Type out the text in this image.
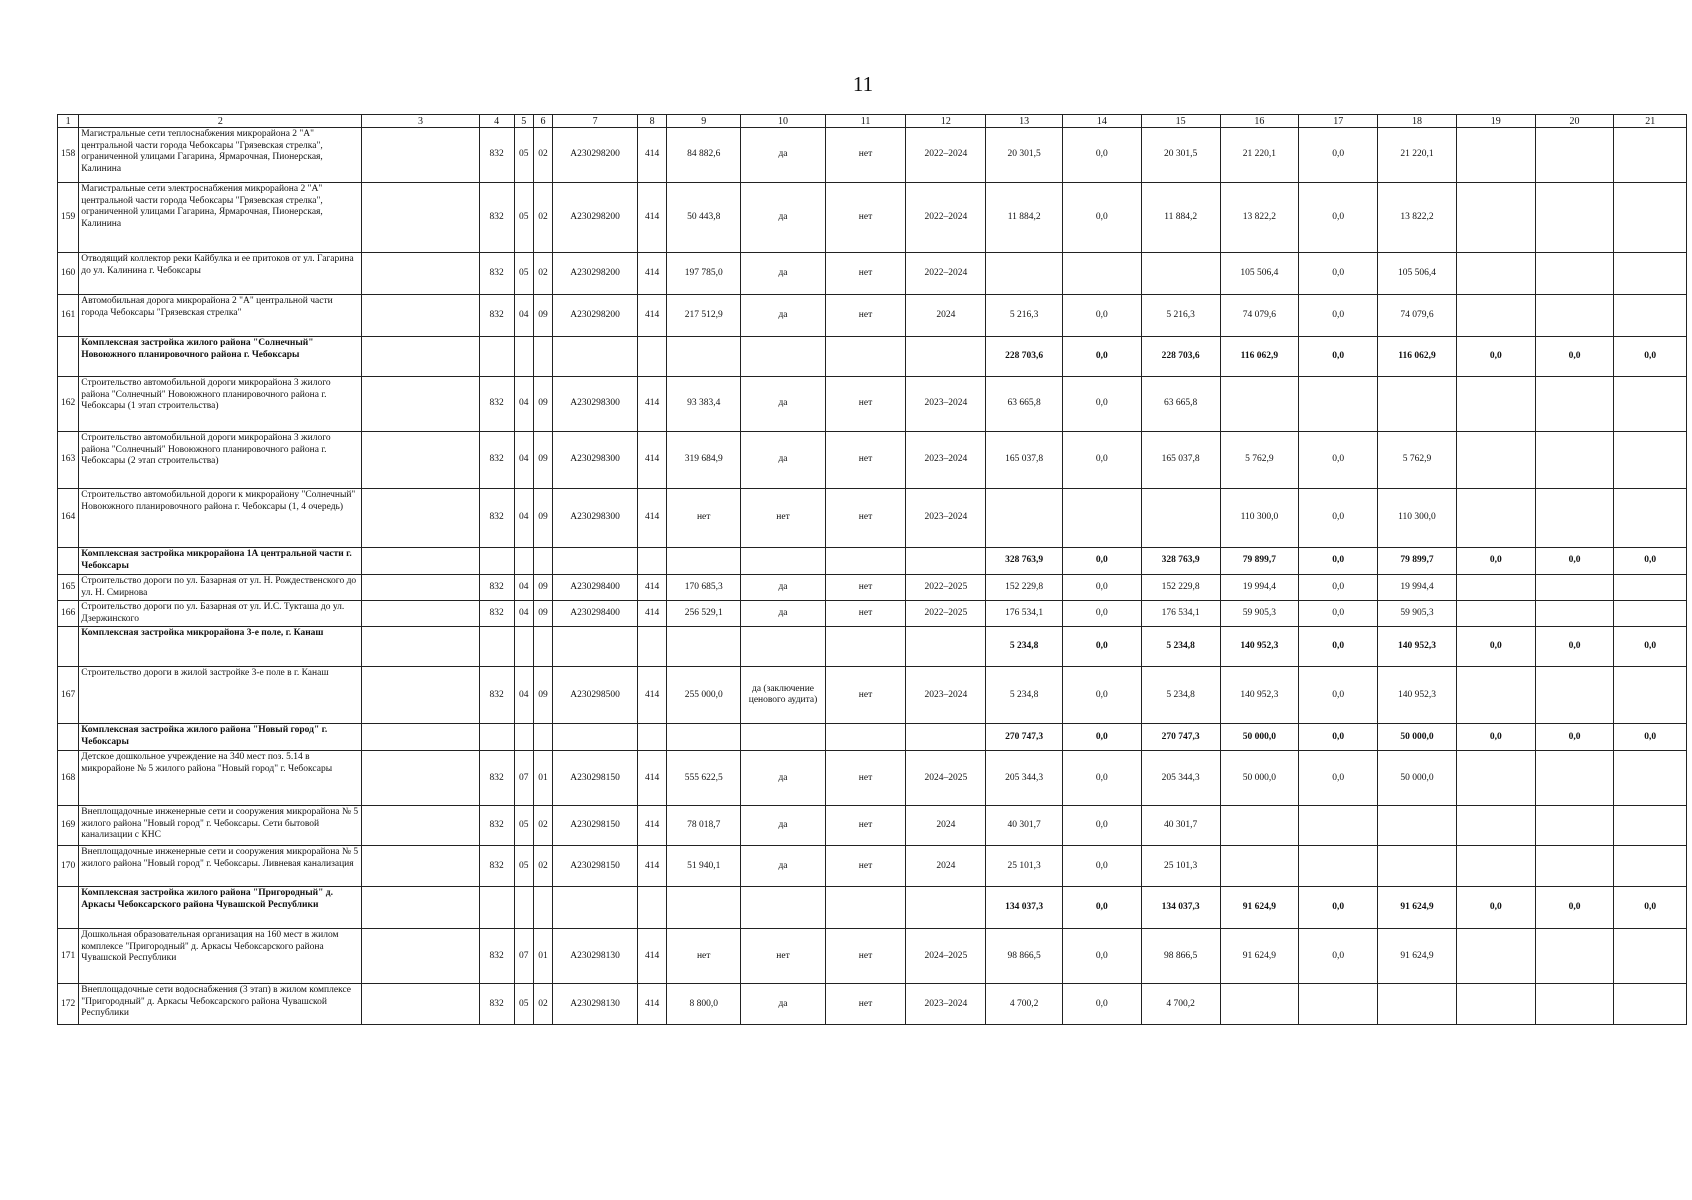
11
1	2	3	4	5	6	7	8	9	10	11	12	13	14	15	16	17	18	19	20	21
158	Магистральные сети теплоснабжения микрорайона 2 "А" центральной части города Чебоксары "Грязевская стрелка", ограниченной улицами Гагарина, Ярмарочная, Пионерская, Калинина		832	05	02	А230298200	414	84 882,6	да	нет	2022–2024	20 301,5	0,0	20 301,5	21 220,1	0,0	21 220,1			
159	Магистральные сети электроснабжения микрорайона 2 "А" центральной части города Чебоксары "Грязевская стрелка", ограниченной улицами Гагарина, Ярмарочная, Пионерская, Калинина		832	05	02	А230298200	414	50 443,8	да	нет	2022–2024	11 884,2	0,0	11 884,2	13 822,2	0,0	13 822,2			
160	Отводящий коллектор реки Кайбулка и ее притоков от ул. Гагарина до ул. Калинина г. Чебоксары		832	05	02	А230298200	414	197 785,0	да	нет	2022–2024				105 506,4	0,0	105 506,4			
161	Автомобильная дорога микрорайона 2 "А" центральной части города Чебоксары "Грязевская стрелка"		832	04	09	А230298200	414	217 512,9	да	нет	2024	5 216,3	0,0	5 216,3	74 079,6	0,0	74 079,6			
	Комплексная застройка жилого района "Солнечный" Новоюжного планировочного района г. Чебоксары											228 703,6	0,0	228 703,6	116 062,9	0,0	116 062,9	0,0	0,0	0,0
162	Строительство автомобильной дороги микрорайона 3 жилого района "Солнечный" Новоюжного планировочного района г. Чебоксары (1 этап строительства)		832	04	09	А230298300	414	93 383,4	да	нет	2023–2024	63 665,8	0,0	63 665,8						
163	Строительство автомобильной дороги микрорайона 3 жилого района "Солнечный" Новоюжного планировочного района г. Чебоксары (2 этап строительства)		832	04	09	А230298300	414	319 684,9	да	нет	2023–2024	165 037,8	0,0	165 037,8	5 762,9	0,0	5 762,9			
164	Строительство автомобильной дороги к микрорайону "Солнечный" Новоюжного планировочного района г. Чебоксары (1, 4 очередь)		832	04	09	А230298300	414	нет	нет	нет	2023–2024				110 300,0	0,0	110 300,0			
	Комплексная застройка микрорайона 1А центральной части г. Чебоксары											328 763,9	0,0	328 763,9	79 899,7	0,0	79 899,7	0,0	0,0	0,0
165	Строительство дороги по ул. Базарная от ул. Н. Рождественского до ул. Н. Смирнова		832	04	09	А230298400	414	170 685,3	да	нет	2022–2025	152 229,8	0,0	152 229,8	19 994,4	0,0	19 994,4			
166	Строительство дороги по ул. Базарная от ул. И.С. Тукташа до ул. Дзержинского		832	04	09	А230298400	414	256 529,1	да	нет	2022–2025	176 534,1	0,0	176 534,1	59 905,3	0,0	59 905,3			
	Комплексная застройка микрорайона 3-е поле, г. Канаш											5 234,8	0,0	5 234,8	140 952,3	0,0	140 952,3	0,0	0,0	0,0
167	Строительство дороги в жилой застройке 3-е поле в г. Канаш		832	04	09	А230298500	414	255 000,0	да (заключение ценового аудита)	нет	2023–2024	5 234,8	0,0	5 234,8	140 952,3	0,0	140 952,3			
	Комплексная застройка жилого района "Новый город" г. Чебоксары											270 747,3	0,0	270 747,3	50 000,0	0,0	50 000,0	0,0	0,0	0,0
168	Детское дошкольное учреждение на 340 мест поз. 5.14 в микрорайоне № 5 жилого района "Новый город" г. Чебоксары		832	07	01	А230298150	414	555 622,5	да	нет	2024–2025	205 344,3	0,0	205 344,3	50 000,0	0,0	50 000,0			
169	Внеплощадочные инженерные сети и сооружения микрорайона № 5 жилого района "Новый город" г. Чебоксары. Сети бытовой канализации с КНС		832	05	02	А230298150	414	78 018,7	да	нет	2024	40 301,7	0,0	40 301,7						
170	Внеплощадочные инженерные сети и сооружения микрорайона № 5 жилого района "Новый город" г. Чебоксары. Ливневая канализация		832	05	02	А230298150	414	51 940,1	да	нет	2024	25 101,3	0,0	25 101,3						
	Комплексная застройка жилого района "Пригородный" д. Аркасы Чебоксарского района Чувашской Республики											134 037,3	0,0	134 037,3	91 624,9	0,0	91 624,9	0,0	0,0	0,0
171	Дошкольная образовательная организация на 160 мест в жилом комплексе "Пригородный" д. Аркасы Чебоксарского района Чувашской Республики		832	07	01	А230298130	414	нет	нет	нет	2024–2025	98 866,5	0,0	98 866,5	91 624,9	0,0	91 624,9			
172	Внеплощадочные сети водоснабжения (3 этап) в жилом комплексе "Пригородный" д. Аркасы Чебоксарского района Чувашской Республики		832	05	02	А230298130	414	8 800,0	да	нет	2023–2024	4 700,2	0,0	4 700,2						
